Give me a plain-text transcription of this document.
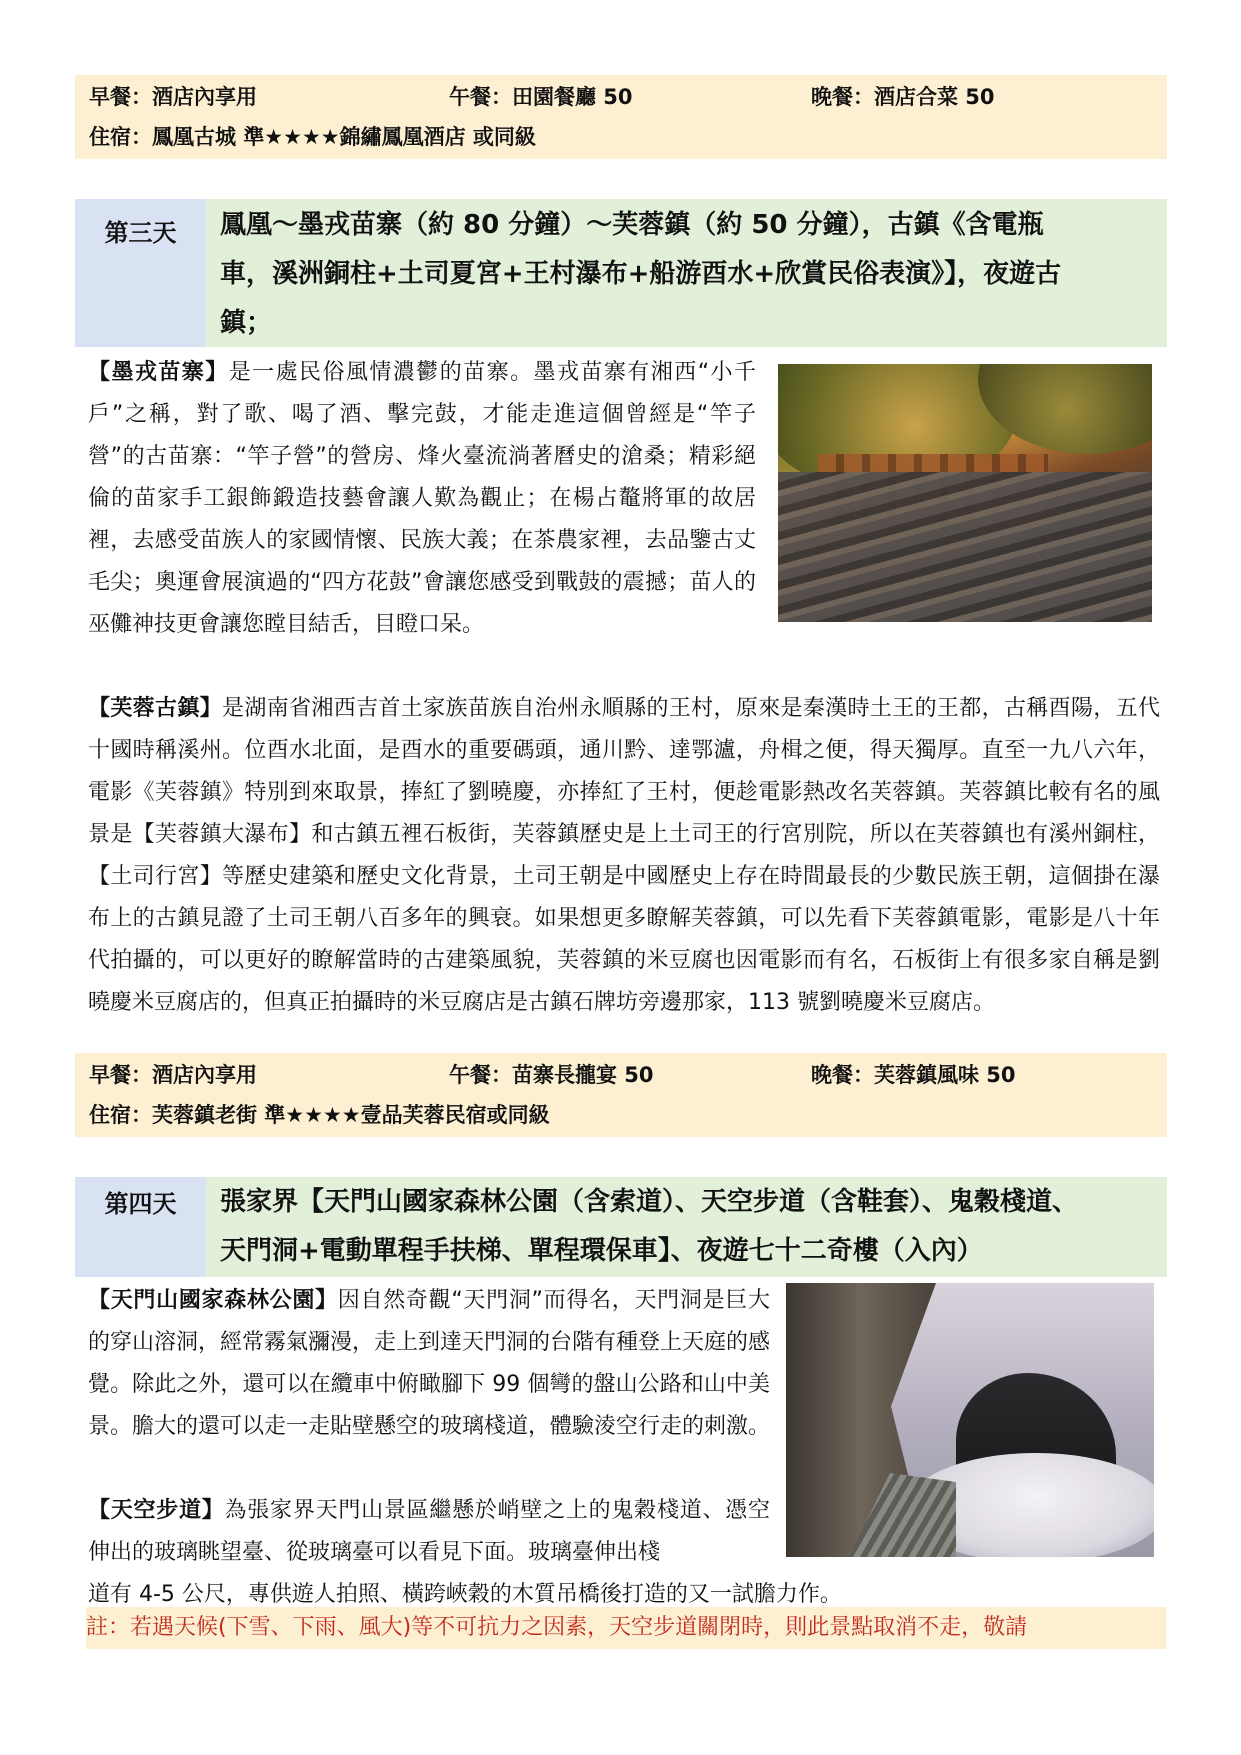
早餐：酒店內享用	午餐：田園餐廳 50	晚餐：酒店合菜 50
住宿：鳳凰古城 準★★★★錦繡鳳凰酒店 或同級
第三天	鳳凰～墨戎苗寨（約 80 分鐘）～芙蓉鎮（約 50 分鐘），古鎮《含電瓶
車，溪洲銅柱+土司夏宮+王村瀑布+船游酉水+欣賞民俗表演》】，夜遊古
鎮；
【墨戎苗寨】是一處民俗風情濃鬱的苗寨。墨戎苗寨有湘西“小千戶”之稱，對了歌、喝了酒、擊完鼓，才能走進這個曾經是“竿子營”的古苗寨：“竿子營”的營房、烽火臺流淌著曆史的滄桑；精彩絕倫的苗家手工銀飾鍛造技藝會讓人歎為觀止；在楊占鼇將軍的故居裡，去感受苗族人的家國情懷、民族大義；在茶農家裡，去品鑒古丈毛尖；奧運會展演過的“四方花鼓”會讓您感受到戰鼓的震撼；苗人的巫儺神技更會讓您瞠目結舌，目瞪口呆。
【芙蓉古鎮】是湖南省湘西吉首土家族苗族自治州永順縣的王村，原來是秦漢時土王的王都，古稱酉陽，五代十國時稱溪州。位酉水北面，是酉水的重要碼頭，通川黔、達鄂瀘，舟楫之便，得天獨厚。直至一九八六年，電影《芙蓉鎮》特別到來取景，捧紅了劉曉慶，亦捧紅了王村，便趁電影熱改名芙蓉鎮。芙蓉鎮比較有名的風景是【芙蓉鎮大瀑布】和古鎮五裡石板街，芙蓉鎮歷史是上土司王的行宮別院，所以在芙蓉鎮也有溪州銅柱，【土司行宮】等歷史建築和歷史文化背景，土司王朝是中國歷史上存在時間最長的少數民族王朝，這個掛在瀑布上的古鎮見證了土司王朝八百多年的興衰。如果想更多瞭解芙蓉鎮，可以先看下芙蓉鎮電影，電影是八十年代拍攝的，可以更好的瞭解當時的古建築風貌，芙蓉鎮的米豆腐也因電影而有名，石板街上有很多家自稱是劉曉慶米豆腐店的，但真正拍攝時的米豆腐店是古鎮石牌坊旁邊那家，113 號劉曉慶米豆腐店。
早餐：酒店內享用	午餐：苗寨長攏宴 50	晚餐：芙蓉鎮風味 50
住宿：芙蓉鎮老街 準★★★★壹品芙蓉民宿或同級
第四天	張家界【天門山國家森林公園（含索道）、天空步道（含鞋套）、鬼穀棧道、
天門洞+電動單程手扶梯、單程環保車】、夜遊七十二奇樓（入內）
【天門山國家森林公園】因自然奇觀“天門洞”而得名，天門洞是巨大的穿山溶洞，經常霧氣瀰漫，走上到達天門洞的台階有種登上天庭的感覺。除此之外，還可以在纜車中俯瞰腳下 99 個彎的盤山公路和山中美景。膽大的還可以走一走貼壁懸空的玻璃棧道，體驗淩空行走的刺激。
【天空步道】為張家界天門山景區繼懸於峭壁之上的鬼穀棧道、憑空伸出的玻璃眺望臺、從玻璃臺可以看見下面。玻璃臺伸出棧
道有 4-5 公尺，專供遊人拍照、橫跨峽穀的木質吊橋後打造的又一試膽力作。
註：若遇天候(下雪、下雨、風大)等不可抗力之因素，天空步道關閉時，則此景點取消不走，敬請
